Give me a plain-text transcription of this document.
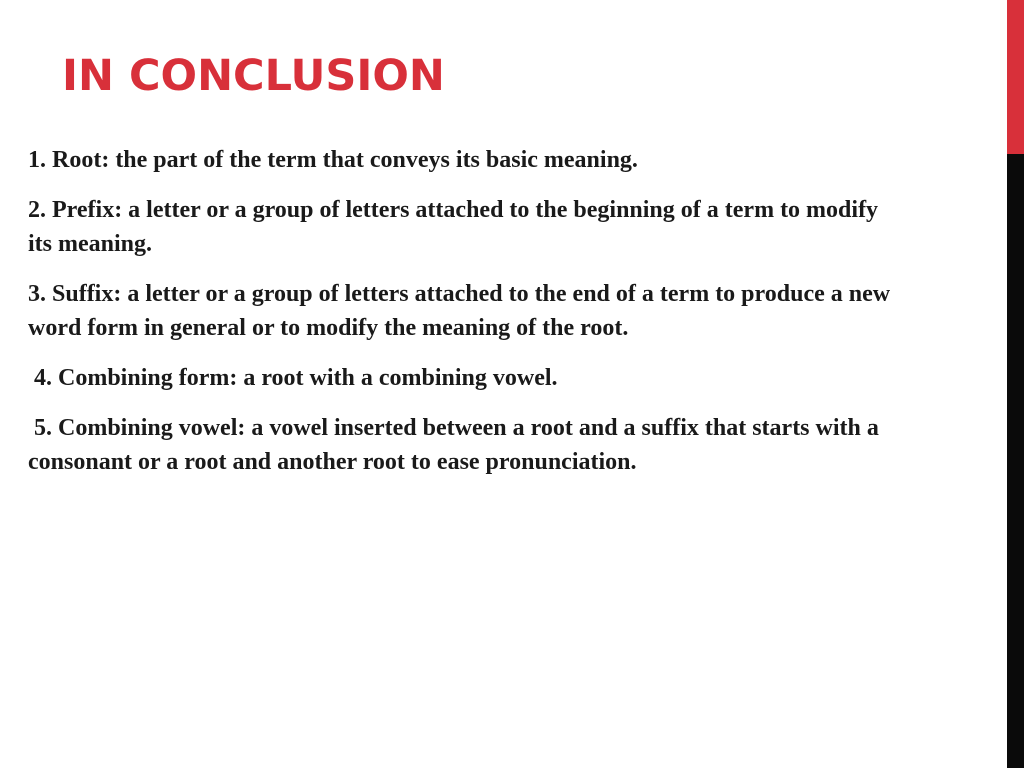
IN CONCLUSION
1. Root: the part of the term that conveys its basic meaning.
2. Prefix: a letter or a group of letters attached to the beginning of a term to modify its meaning.
3. Suffix: a letter or a group of letters attached to the end of a term to produce a new word form in general or to modify the meaning of the root.
4. Combining form: a root with a combining vowel.
5. Combining vowel: a vowel inserted between a root and a suffix that starts with a consonant or a root and another root to ease pronunciation.
